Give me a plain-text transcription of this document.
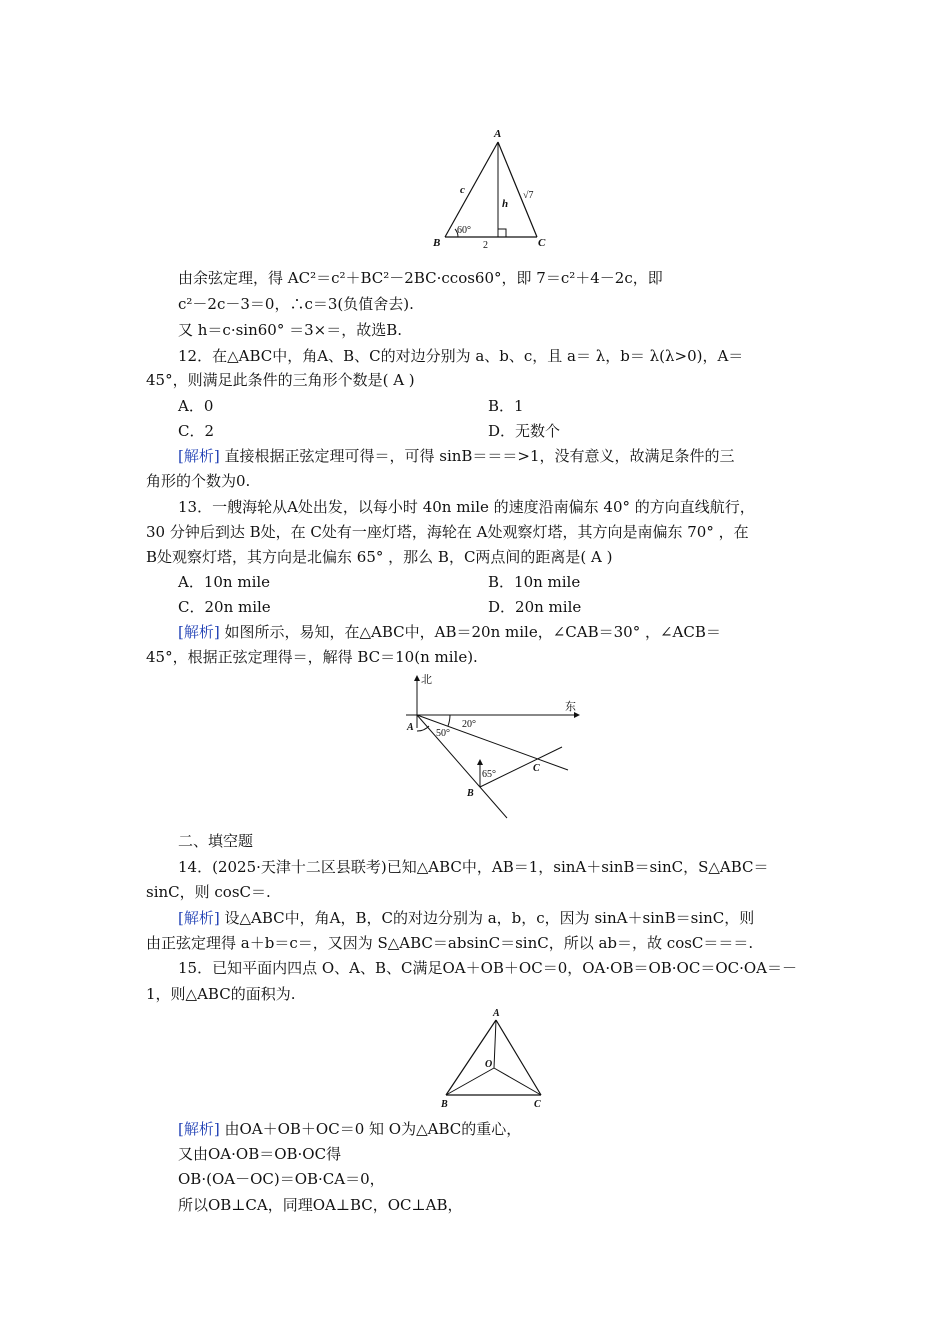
A
B	C
c
h
√7
60°
2
由余弦定理，得 AC²＝c²＋BC²－2BC·ccos60°，即 7＝c²＋4－2c，即
c²－2c－3＝0，∴c＝3(负值舍去).
又 h＝c·sin60° ＝3×＝，故选B.
12．在△ABC中，角A、B、C的对边分别为 a、b、c，且 a＝ λ，b＝ λ(λ>0)，A＝
45°，则满足此条件的三角形个数是( A )
A．0	B．1
C．2	D．无数个
[解析] 直接根据正弦定理可得＝，可得 sinB＝＝＝>1，没有意义，故满足条件的三
角形的个数为0.
13．一艘海轮从A处出发，以每小时 40n mile 的速度沿南偏东 40° 的方向直线航行，
30 分钟后到达 B处，在 C处有一座灯塔，海轮在 A处观察灯塔，其方向是南偏东 70° ，在
B处观察灯塔，其方向是北偏东 65° ，那么 B，C两点间的距离是( A )
A．10n mile	B．10n mile
C．20n mile	D．20n mile
[解析] 如图所示，易知，在△ABC中，AB＝20n mile，∠CAB＝30° ，∠ACB＝
45°，根据正弦定理得＝，解得 BC＝10(n mile).
北
东
A
B
C
20°
50°
65°
二、填空题
14．(2025·天津十二区县联考)已知△ABC中，AB＝1，sinA＋sinB＝sinC，S△ABC＝
sinC，则 cosC＝.
[解析] 设△ABC中，角A，B，C的对边分别为 a，b，c，因为 sinA＋sinB＝sinC，则
由正弦定理得 a＋b＝c＝，又因为 S△ABC＝absinC＝sinC，所以 ab＝，故 cosC＝＝＝.
15．已知平面内四点 O、A、B、C满足OA＋OB＋OC＝0，OA·OB＝OB·OC＝OC·OA＝－
1，则△ABC的面积为.
A
B	C
O
[解析] 由OA＋OB＋OC＝0 知 O为△ABC的重心，
又由OA·OB＝OB·OC得
OB·(OA－OC)＝OB·CA＝0，
所以OB⊥CA，同理OA⊥BC，OC⊥AB，
